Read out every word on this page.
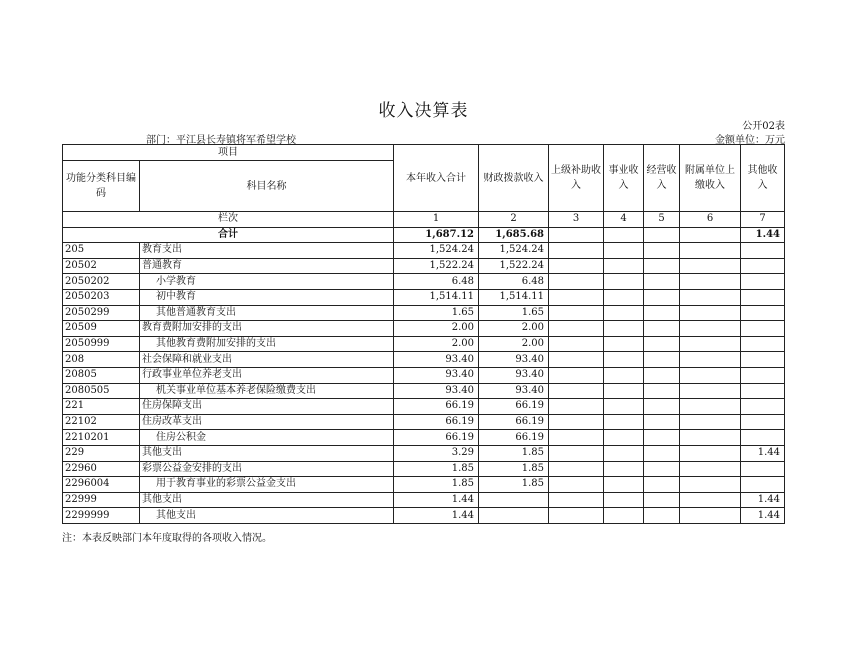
收入决算表
公开02表
部门：平江县长寿镇将军希望学校	金额单位：万元
项目		本年收入合计	财政拨款收入	上级补助收入	事业收入	经营收入	附属单位上缴收入	其他收入
功能分类科目编码	科目名称							
栏次		1	2	3	4	5	6	7
合计		1,687.12	1,685.68					1.44
205	教育支出	1,524.24	1,524.24					
20502	普通教育	1,522.24	1,522.24					
2050202	小学教育	6.48	6.48					
2050203	初中教育	1,514.11	1,514.11					
2050299	其他普通教育支出	1.65	1.65					
20509	教育费附加安排的支出	2.00	2.00					
2050999	其他教育费附加安排的支出	2.00	2.00					
208	社会保障和就业支出	93.40	93.40					
20805	行政事业单位养老支出	93.40	93.40					
2080505	机关事业单位基本养老保险缴费支出	93.40	93.40					
221	住房保障支出	66.19	66.19					
22102	住房改革支出	66.19	66.19					
2210201	住房公积金	66.19	66.19					
229	其他支出	3.29	1.85					1.44
22960	彩票公益金安排的支出	1.85	1.85					
2296004	用于教育事业的彩票公益金支出	1.85	1.85					
22999	其他支出	1.44						1.44
2299999	其他支出	1.44						1.44
注：本表反映部门本年度取得的各项收入情况。
